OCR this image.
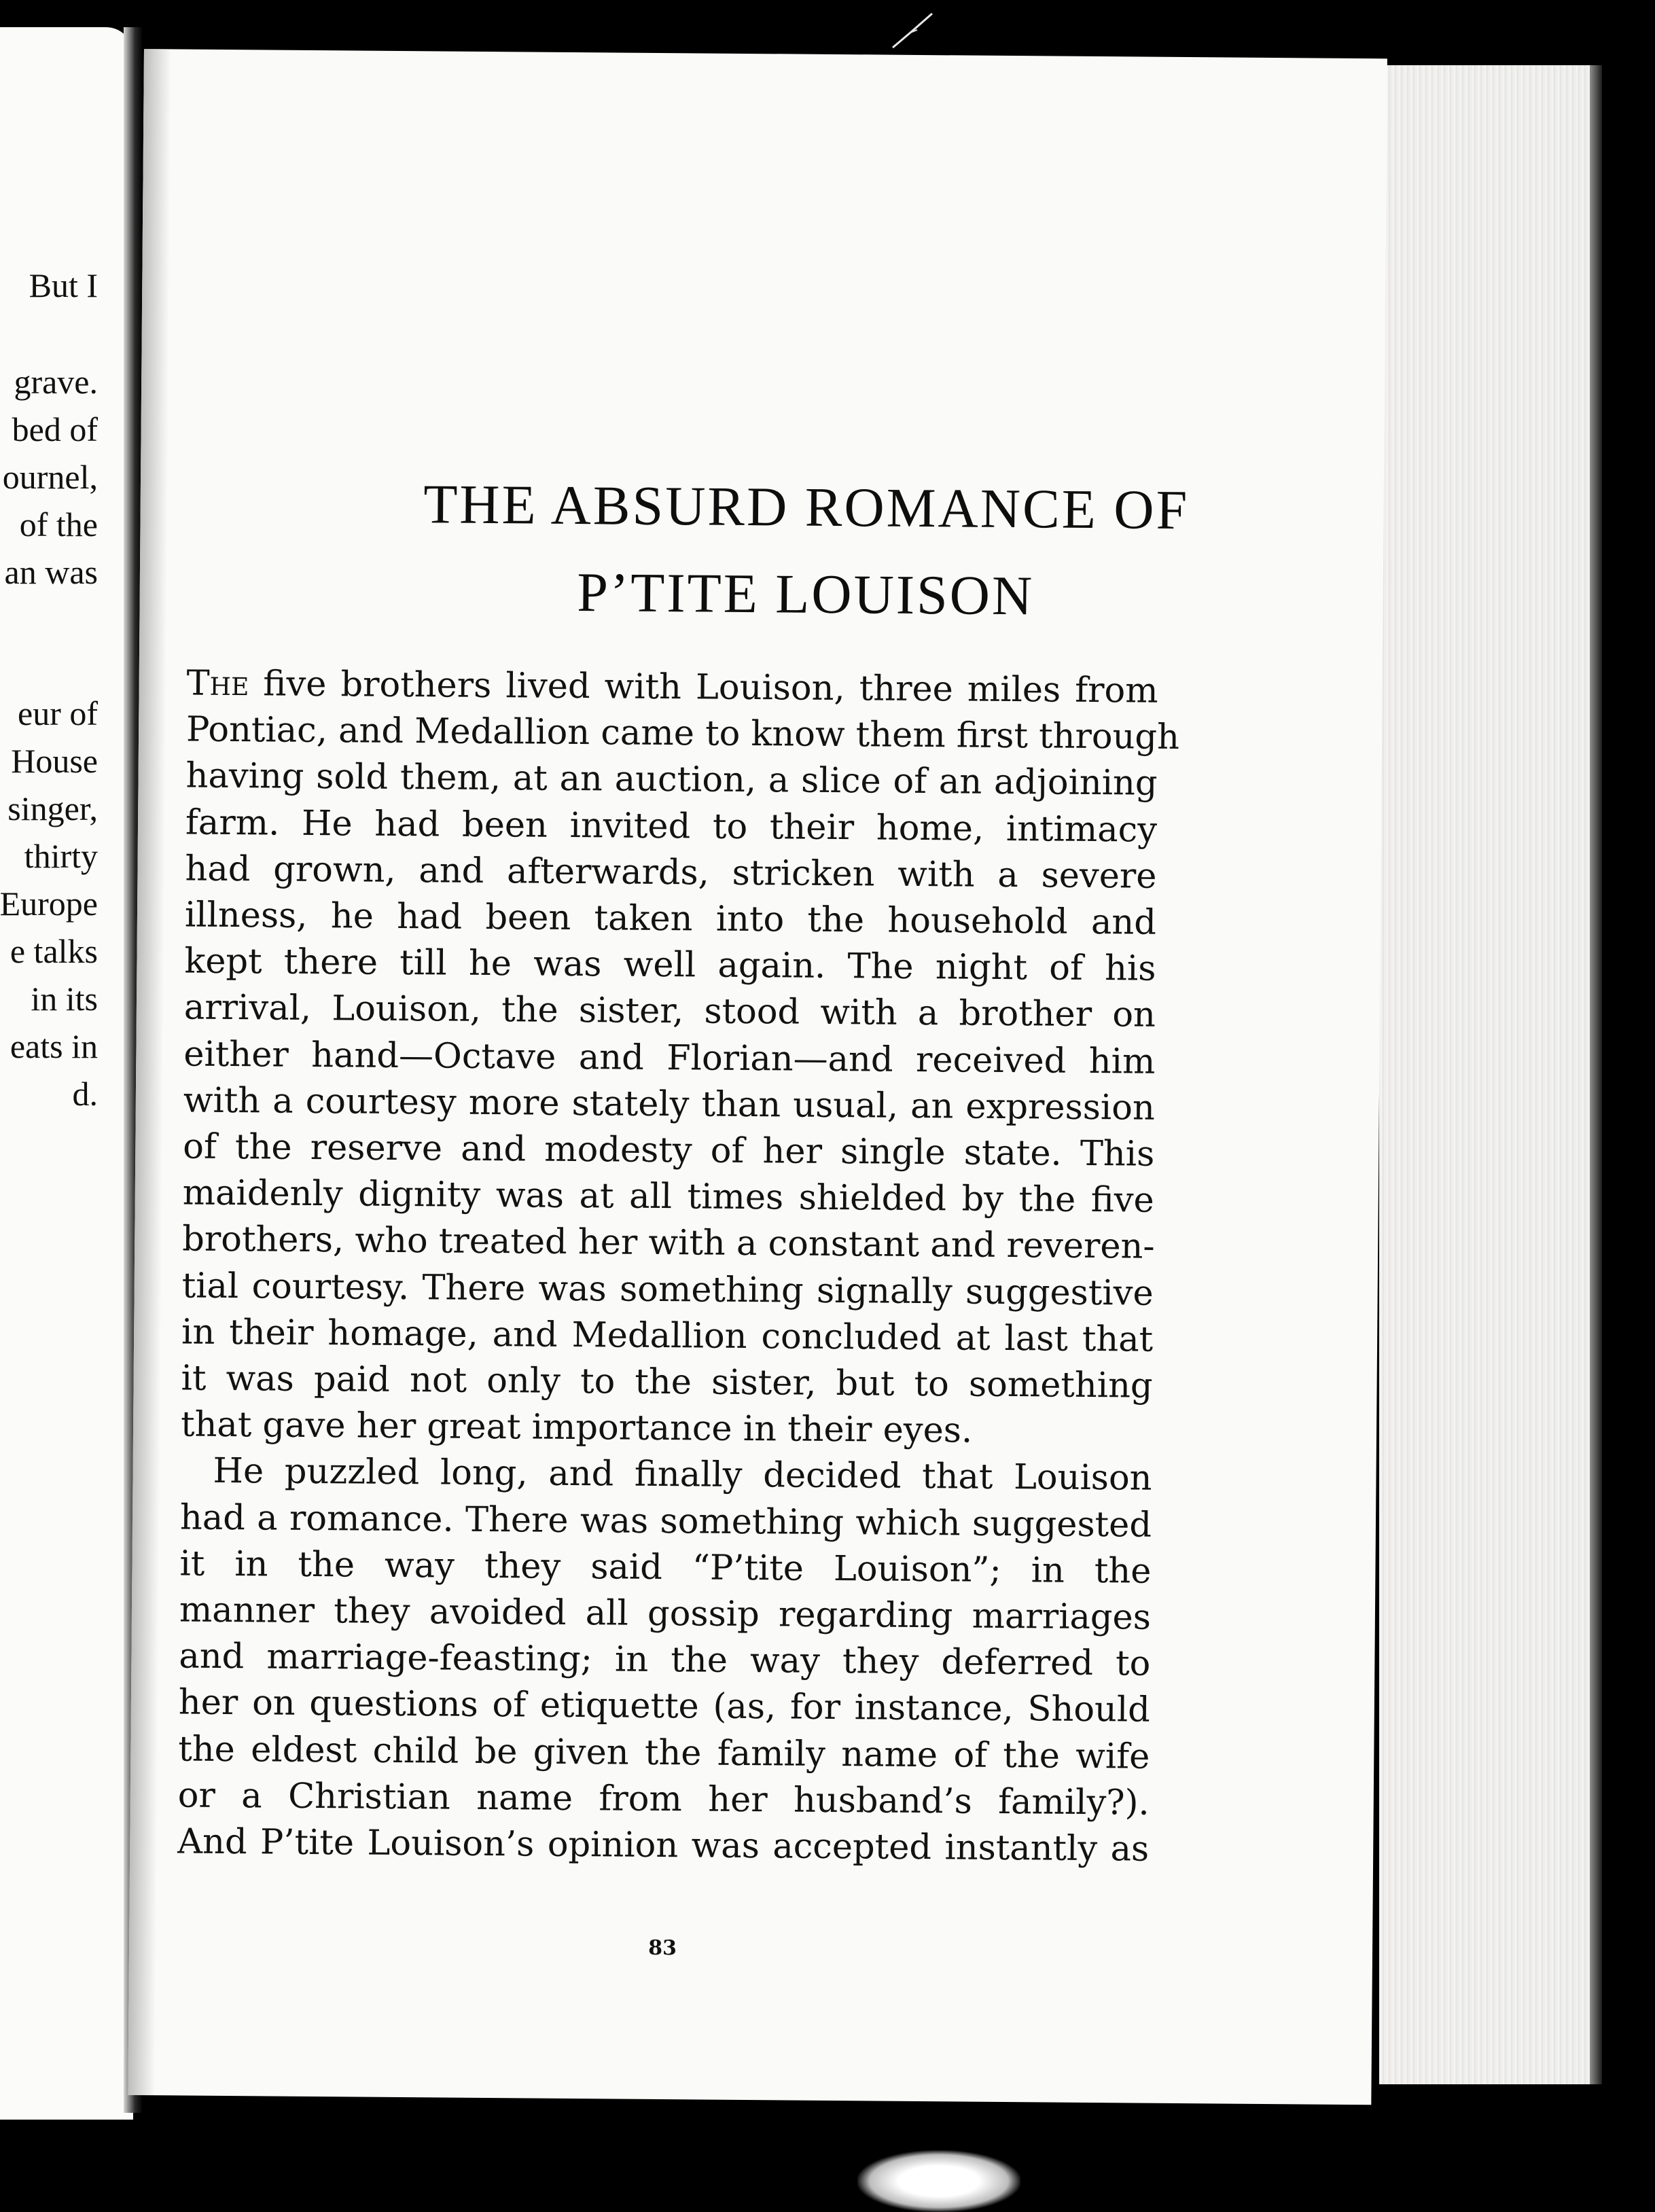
But I
grave.
bed of
ournel,
of the
an was
eur of
House
singer,
thirty
Europe
e talks
in its
eats in
d.
THE ABSURD ROMANCE OF
P’TITE LOUISON
The five brothers lived with Louison, three miles from
Pontiac, and Medallion came to know them first through
having sold them, at an auction, a slice of an adjoining
farm. He had been invited to their home, intimacy
had grown, and afterwards, stricken with a severe
illness, he had been taken into the household and
kept there till he was well again. The night of his
arrival, Louison, the sister, stood with a brother on
either hand—Octave and Florian—and received him
with a courtesy more stately than usual, an expression
of the reserve and modesty of her single state. This
maidenly dignity was at all times shielded by the five
brothers, who treated her with a constant and reveren-
tial courtesy. There was something signally suggestive
in their homage, and Medallion concluded at last that
it was paid not only to the sister, but to something
that gave her great importance in their eyes.
He puzzled long, and finally decided that Louison
had a romance. There was something which suggested
it in the way they said “P’tite Louison”; in the
manner they avoided all gossip regarding marriages
and marriage-feasting; in the way they deferred to
her on questions of etiquette (as, for instance, Should
the eldest child be given the family name of the wife
or a Christian name from her husband’s family?).
And P’tite Louison’s opinion was accepted instantly as
83
